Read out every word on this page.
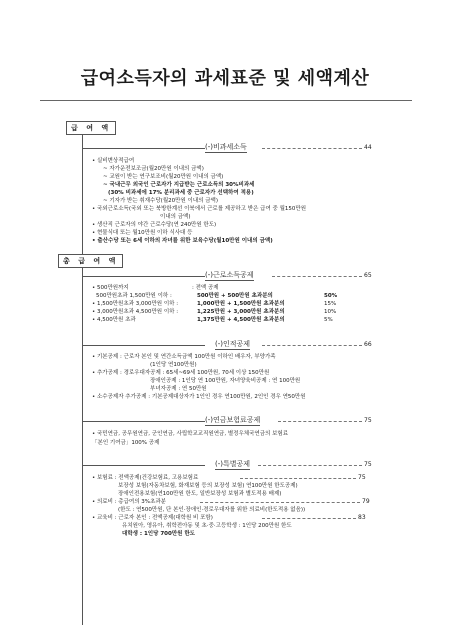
급여소득자의 과세표준 및 세액계산
급 여 액
(-)비과세소득	44
• 실비변상적급여
~ 자가운전보조금(월20만원 이내의 금액)
~ 교원이 받는 연구보조비(월20만원 이내의 금액)
~ 국내근무 외국인 근로자가 지급받는 근로소득의 30%비과세
(30% 비과세에 17% 분리과세 중 근로자가 선택하여 적용)
~ 기자가 받는 취재수당(월20만원 이내의 금액)
• 국외근로소득(국외 또는 북방한계선 이북에서 근로를 제공하고 받은 급여 중 월150만원
이내의 금액)
• 생산직 근로자의 야간 근로수당(연 240만원 한도)
• 현물식대 또는 월10만원 이하 식사대 등
• 출산수당 또는 6세 이하의 자녀를 위한 보육수당(월10만원 이내의 금액)
총 급 여 액
(-)근로소득공제	65
• 500만원까지	: 전액 공제
500만원초과 1,500만원 이하 :	500만원 + 500만원 초과분의	50%
• 1,500만원초과 3,000만원 이하 :	1,000만원 + 1,500만원 초과분의	15%
• 3,000만원초과 4,500만원 이하 :	1,225만원 + 3,000만원 초과분의	10%
• 4,500만원 초과	1,375만원 + 4,500만원 초과분의	5%
(-)인적공제	66
• 기본공제 : 근로자 본인 및 연간소득금액 100만원 이하인 배우자, 부양가족
(1인당 연100만원)
• 추가공제 : 경로우대자공제 : 65세~69세 100만원, 70세 이상 150만원
장애인공제 : 1인당 연 100만원, 자녀양육비공제 : 연 100만원
부녀자공제 : 연 50만원
• 소수공제자 추가공제 : 기본공제대상자가 1인인 경우 연100만원, 2인인 경우 연50만원
(-)연금보험료공제	75
• 국민연금, 공무원연금, 군인연금, 사립학교교직원연금, 별정우체국연금의 보험료
「본인 기여금」100% 공제
(-)특별공제	75
• 보험료 : 전액공제(건강보험료, 고용보험료	75
보장성 보험(자동차보험, 화재보험 등의 보장성 보험) 연100만원 한도공제)
장애인전용보험(연100만원 한도, 일반보장성 보험과 별도적용 배제)
• 의료비 : 총급여의 3%초과분	79
(한도 : 연500만원, 단 본인·장애인·경로우대자를 위한 의료비(한도적용 없음))
• 교육비 : 근로자 본인 : 전액공제(대학원 비 포함)	83
유치원아, 영유아, 취학전아동 및 초·중·고등학생 : 1인당 200만원 한도
대학생 : 1인당 700만원 한도
